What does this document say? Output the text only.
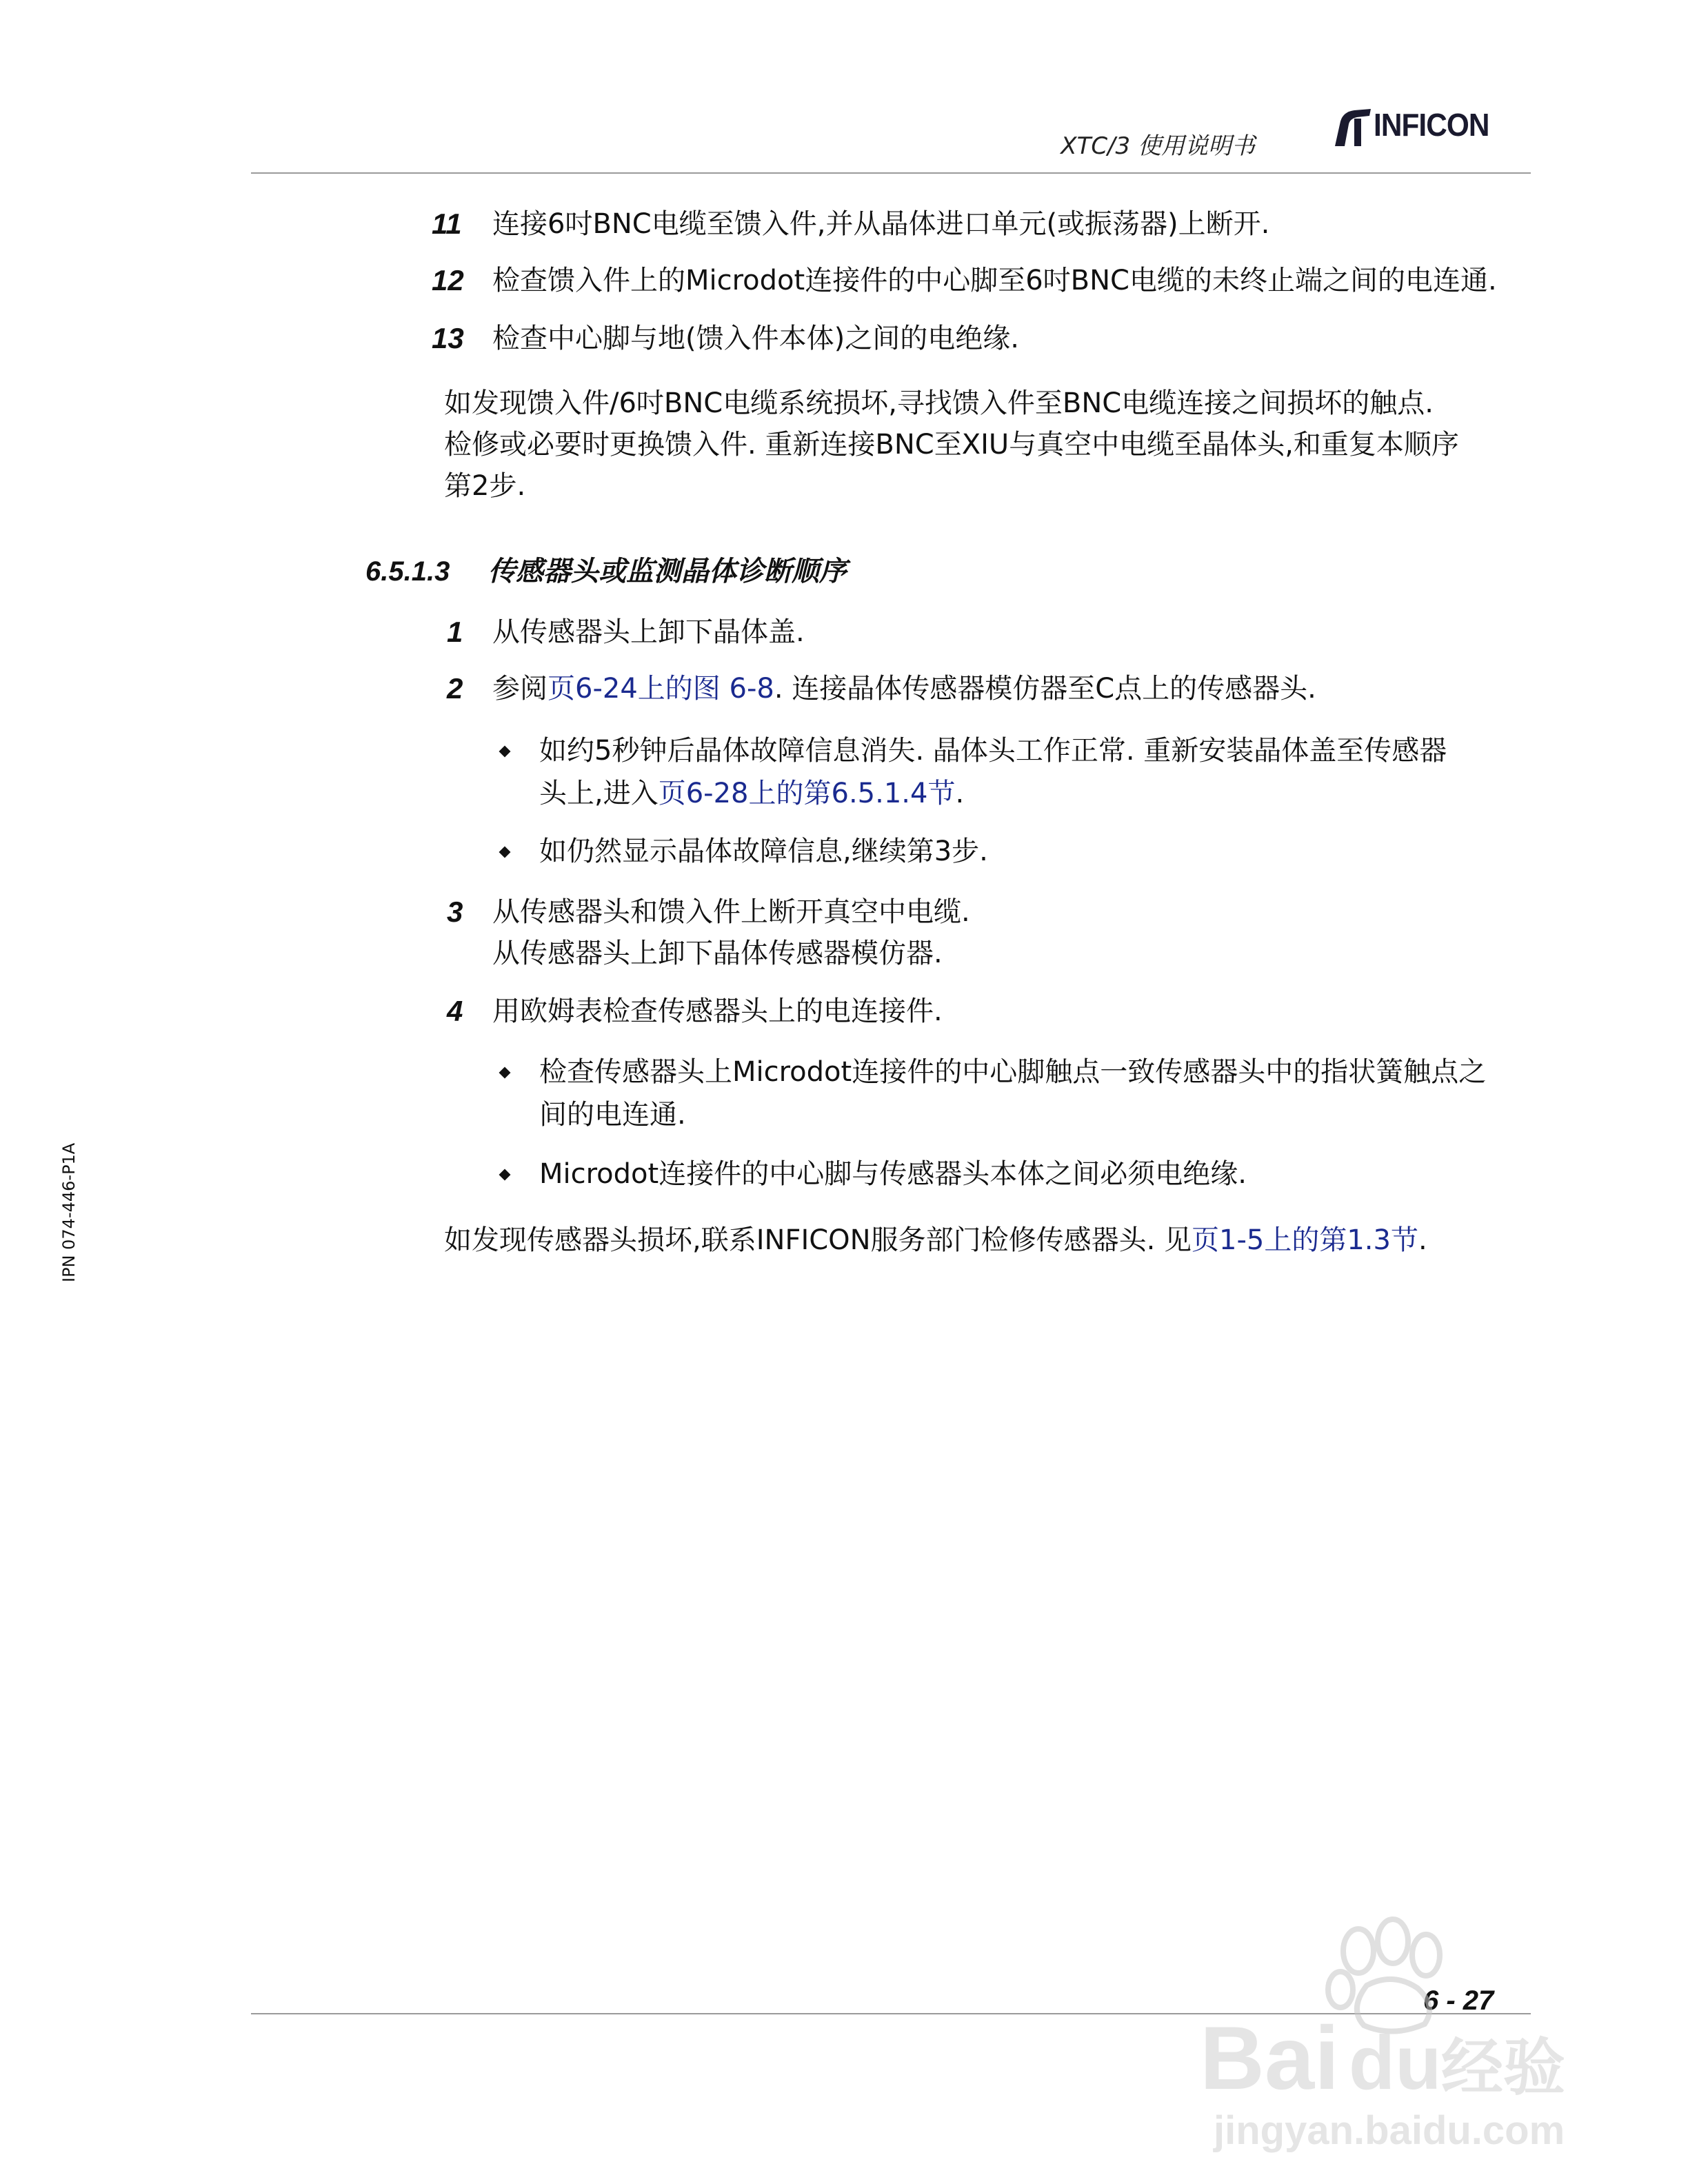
XTC/3 使用说明书
INFICON
11 连接6吋BNC电缆至馈入件,并从晶体进口单元(或振荡器)上断开.
12 检查馈入件上的Microdot连接件的中心脚至6吋BNC电缆的未终止端之间的电连通.
13 检查中心脚与地(馈入件本体)之间的电绝缘.
如发现馈入件/6吋BNC电缆系统损坏,寻找馈入件至BNC电缆连接之间损坏的触点.
检修或必要时更换馈入件. 重新连接BNC至XIU与真空中电缆至晶体头,和重复本顺序
第2步.
6.5.1.3 传感器头或监测晶体诊断顺序
1 从传感器头上卸下晶体盖.
2 参阅页6-24上的图 6-8. 连接晶体传感器模仿器至C点上的传感器头.
如约5秒钟后晶体故障信息消失. 晶体头工作正常. 重新安装晶体盖至传感器
头上,进入页6-28上的第6.5.1.4节.
如仍然显示晶体故障信息,继续第3步.
3 从传感器头和馈入件上断开真空中电缆.
从传感器头上卸下晶体传感器模仿器.
4 用欧姆表检查传感器头上的电连接件.
检查传感器头上Microdot连接件的中心脚触点一致传感器头中的指状簧触点之
间的电连通.
Microdot连接件的中心脚与传感器头本体之间必须电绝缘.
如发现传感器头损坏,联系INFICON服务部门检修传感器头. 见页1-5上的第1.3节.
IPN 074-446-P1A
6 - 27
Bai du 经验
jingyan.baidu.com
